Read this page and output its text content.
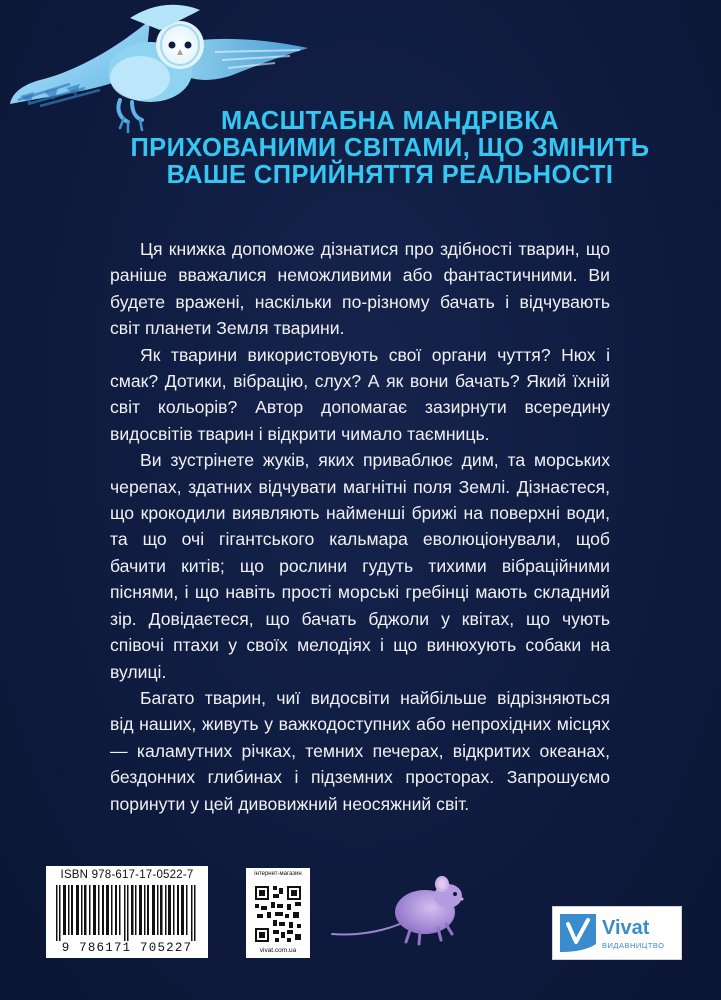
МАСШТАБНА МАНДРІВКА
ПРИХОВАНИМИ СВІТАМИ, ЩО ЗМІНИТЬ
ВАШЕ СПРИЙНЯТТЯ РЕАЛЬНОСТІ

Ця книжка допоможе дізнатися про здібності тварин, що раніше вважалися неможливими або фантастичними. Ви будете вражені, наскільки по-різному бачать і відчувають світ планети Земля тварини.

Як тварини використовують свої органи чуття? Нюх і смак? Дотики, вібрацію, слух? А як вони бачать? Який їхній світ кольорів? Автор допомагає зазирнути всередину видосвітів тварин і відкрити чимало таємниць.

Ви зустрінете жуків, яких приваблює дим, та морських черепах, здатних відчувати магнітні поля Землі. Дізнаєтеся, що крокодили виявляють найменші брижі на поверхні води, та що очі гігантського кальмара еволюціонували, щоб бачити китів; що рослини гудуть тихими вібраційними піснями, і що навіть прості морські гребінці мають складний зір. Довідаєтеся, що бачать бджоли у квітах, що чують співочі птахи у своїх мелодіях і що винюхують собаки на вулиці.

Багато тварин, чиї видосвіти найбільше відрізняються від наших, живуть у важкодоступних або непрохідних місцях — каламутних річках, темних печерах, відкритих океанах, бездонних глибинах і підземних просторах. Запрошуємо поринути у цей дивовижний неосяжний світ.

ISBN 978-617-17-0522-7
9 786171 705227
інтернет-магазин
vivat.com.ua
Vivat
ВИДАВНИЦТВО
